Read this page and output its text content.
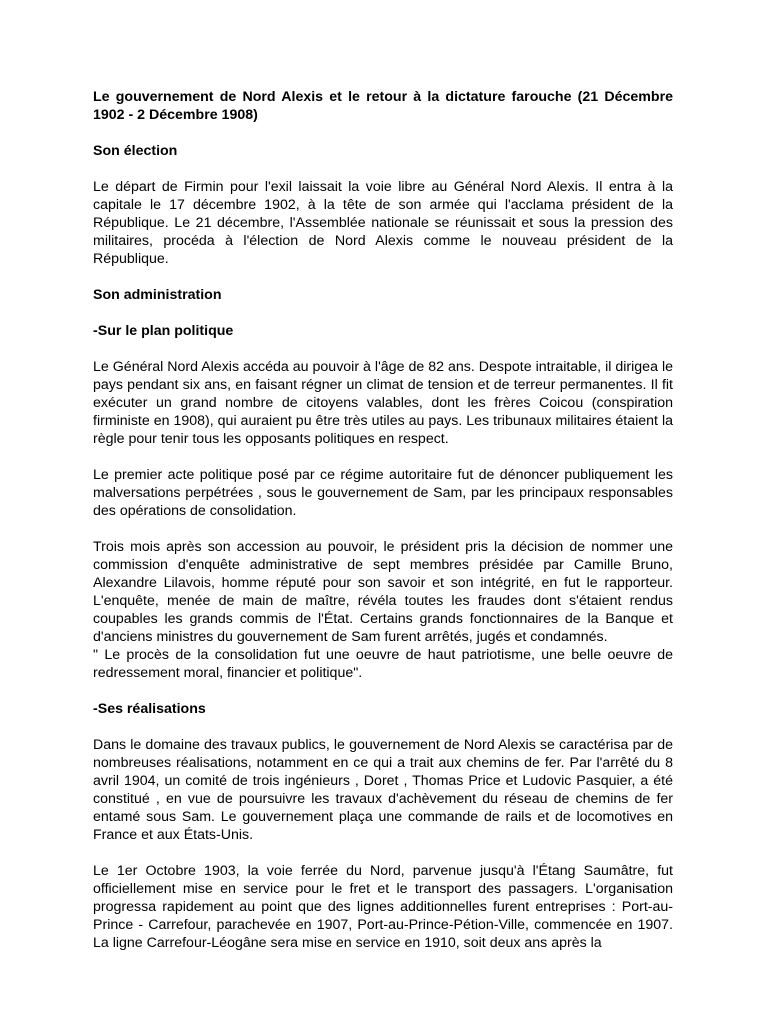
Le gouvernement de Nord Alexis et le retour à la dictature farouche (21 Décembre 1902 - 2 Décembre 1908)

Son élection

Le départ de Firmin pour l'exil laissait la voie libre au Général Nord Alexis. Il entra à la capitale le 17 décembre 1902, à la tête de son armée qui l'acclama président de la République. Le 21 décembre, l'Assemblée nationale se réunissait et sous la pression des militaires, procéda à l'élection de Nord Alexis comme le nouveau président de la République.

Son administration

-Sur le plan politique

Le Général Nord Alexis accéda au pouvoir à l'âge de 82 ans. Despote intraitable, il dirigea le pays pendant six ans, en faisant régner un climat de tension et de terreur permanentes. Il fit exécuter un grand nombre de citoyens valables, dont les frères Coicou (conspiration firministe en 1908), qui auraient pu être très utiles au pays. Les tribunaux militaires étaient la règle pour tenir tous les opposants politiques en respect.

Le premier acte politique posé par ce régime autoritaire fut de dénoncer publiquement les malversations perpétrées , sous le gouvernement de Sam, par les principaux responsables des opérations de consolidation.

Trois mois après son accession au pouvoir, le président pris la décision de nommer une commission d'enquête administrative de sept membres présidée par Camille Bruno, Alexandre Lilavois, homme réputé pour son savoir et son intégrité, en fut le rapporteur. L'enquête, menée de main de maître, révéla toutes les fraudes dont s'étaient rendus coupables les grands commis de l'État. Certains grands fonctionnaires de la Banque et d'anciens ministres du gouvernement de Sam furent arrêtés, jugés et condamnés.

" Le procès de la consolidation fut une oeuvre de haut patriotisme, une belle oeuvre de redressement moral, financier et politique".

-Ses réalisations

Dans le domaine des travaux publics, le gouvernement de Nord Alexis se caractérisa par de nombreuses réalisations, notamment en ce qui a trait aux chemins de fer. Par l'arrêté du 8 avril 1904, un comité de trois ingénieurs , Doret , Thomas Price et Ludovic Pasquier, a été constitué , en vue de poursuivre les travaux d'achèvement du réseau de chemins de fer entamé sous Sam. Le gouvernement plaça une commande de rails et de locomotives en France et aux États-Unis.

Le 1er Octobre 1903, la voie ferrée du Nord, parvenue jusqu'à l'Étang Saumâtre, fut officiellement mise en service pour le fret et le transport des passagers. L'organisation progressa rapidement au point que des lignes additionnelles furent entreprises : Port-au-Prince - Carrefour, parachevée en 1907, Port-au-Prince-Pétion-Ville, commencée en 1907. La ligne Carrefour-Léogâne sera mise en service en 1910, soit deux ans après la
